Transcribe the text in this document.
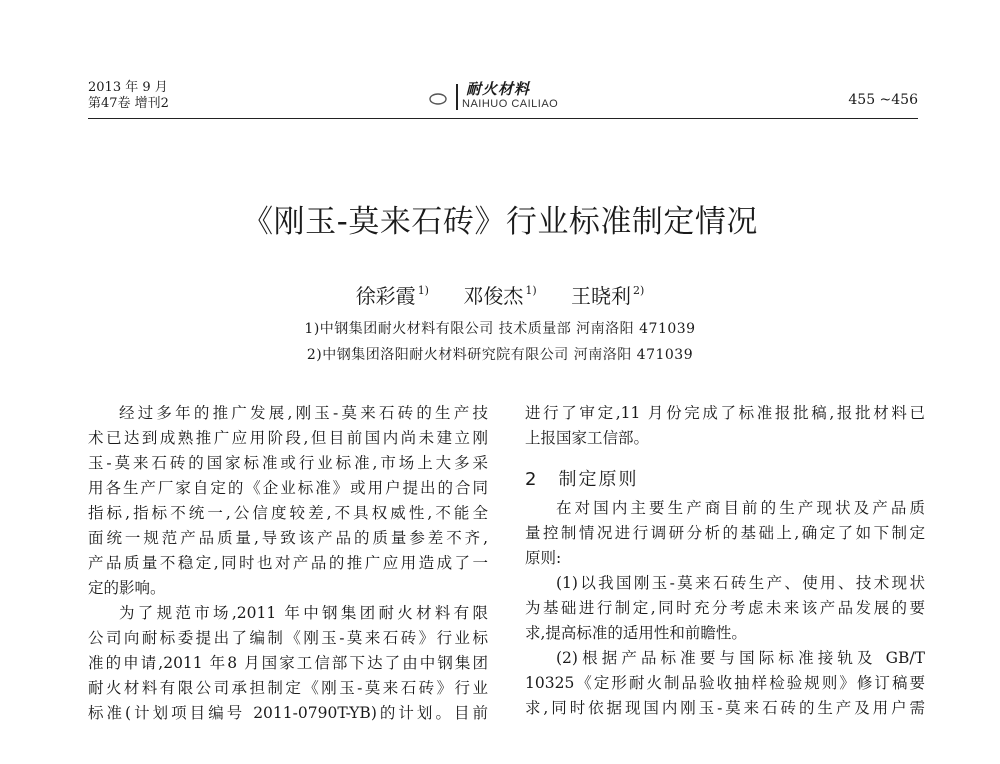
2013 年 9 月
第47卷 增刊2
耐火材料
NAIHUO CAILIAO	455 ~456
《刚玉-莫来石砖》行业标准制定情况
徐彩霞 $^{1)}$ 邓俊杰 $^{1)}$ 王晓利 $^{2)}$
1)中钢集团耐火材料有限公司 技术质量部 河南洛阳 471039
2)中钢集团洛阳耐火材料研究院有限公司 河南洛阳 471039

经过多年的推广发展,刚玉-莫来石砖的生产技

术已达到成熟推广应用阶段,但目前国内尚未建立刚

玉-莫来石砖的国家标准或行业标准,市场上大多采

用各生产厂家自定的《企业标准》或用户提出的合同

指标,指标不统一,公信度较差,不具权威性,不能全

面统一规范产品质量,导致该产品的质量参差不齐,

产品质量不稳定,同时也对产品的推广应用造成了一

定的影响。

为了规范市场,2011 年中钢集团耐火材料有限

公司向耐标委提出了编制《刚玉-莫来石砖》行业标

准的申请,2011 年8 月国家工信部下达了由中钢集团

耐火材料有限公司承担制定《刚玉-莫来石砖》行业

标准(计划项目编号 2011-0790T-YB)的计划。目前

进行了审定,11 月份完成了标准报批稿,报批材料已

上报国家工信部。

2 制定原则

在对国内主要生产商目前的生产现状及产品质

量控制情况进行调研分析的基础上,确定了如下制定

原则:

(1)以我国刚玉-莫来石砖生产、使用、技术现状

为基础进行制定,同时充分考虑未来该产品发展的要

求,提高标准的适用性和前瞻性。

(2)根据产品标准要与国际标准接轨及 GB/T

10325《定形耐火制品验收抽样检验规则》修订稿要

求,同时依据现国内刚玉-莫来石砖的生产及用户需
